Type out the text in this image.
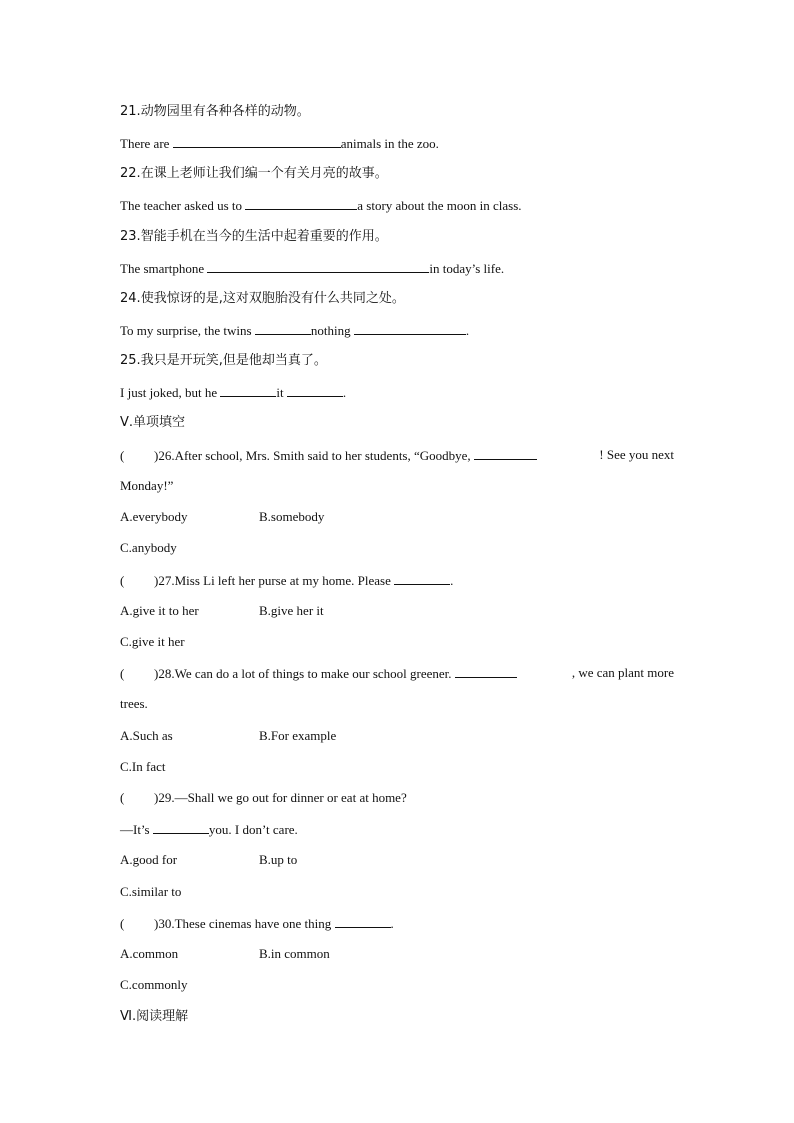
21.动物园里有各种各样的动物。
There are	animals in the zoo.
22.在课上老师让我们编一个有关月亮的故事。
The teacher asked us to	a story about the moon in class.
23.智能手机在当今的生活中起着重要的作用。
The smartphone	in today’s life.
24.使我惊讶的是,这对双胞胎没有什么共同之处。
To my surprise, the twins	nothing	.
25.我只是开玩笑,但是他却当真了。
I just joked, but he	it	.
Ⅴ.单项填空
( )26.After school, Mrs. Smith said to her students, “Goodbye,	! See you next
Monday!”
A.everybody	B.somebody
C.anybody
( )27.Miss Li left her purse at my home. Please	.
A.give it to her	B.give her it
C.give it her
( )28.We can do a lot of things to make our school greener.	, we can plant more
trees.
A.Such as	B.For example
C.In fact
( )29.—Shall we go out for dinner or eat at home?
—It’s	you. I don’t care.
A.good for	B.up to
C.similar to
( )30.These cinemas have one thing	.
A.common	B.in common
C.commonly
Ⅵ.阅读理解
